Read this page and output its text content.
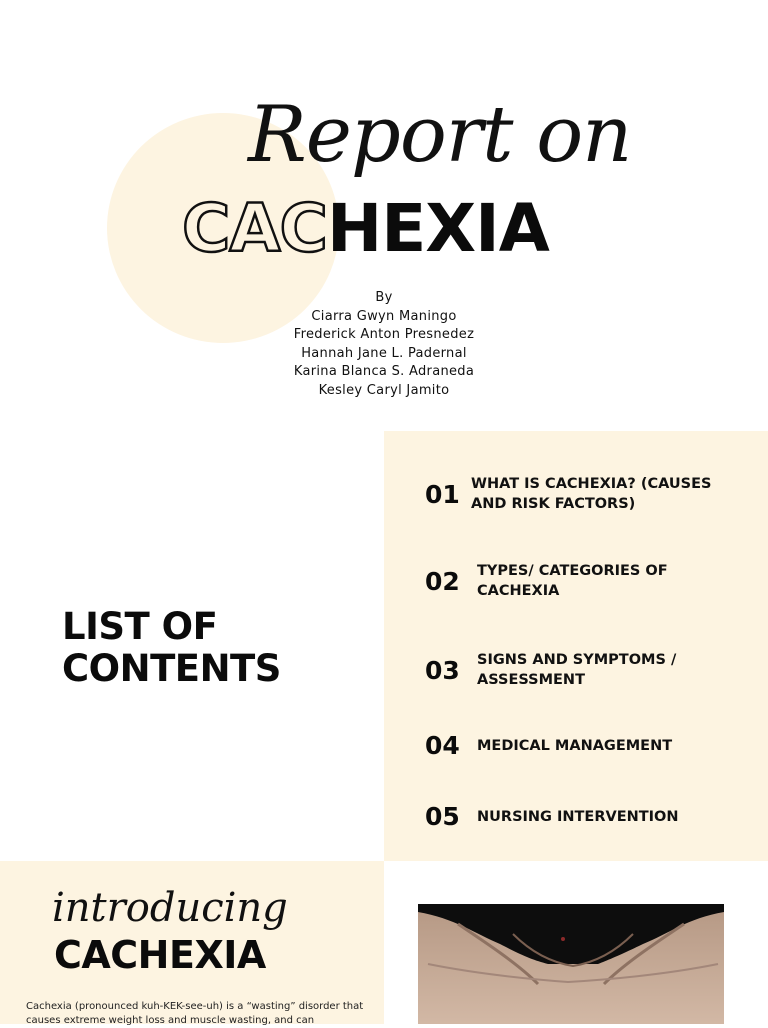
Report on
CACHEXIA
By
Ciarra Gwyn Maningo
Frederick Anton Presnedez
Hannah Jane L. Padernal
Karina Blanca S. Adraneda
Kesley Caryl Jamito
LIST OF
CONTENTS
01 WHAT IS CACHEXIA? (CAUSES AND RISK FACTORS)
02	TYPES/ CATEGORIES OF CACHEXIA
03	SIGNS AND SYMPTOMS / ASSESSMENT
04	MEDICAL MANAGEMENT
05	NURSING INTERVENTION
introducing
CACHEXIA
Cachexia (pronounced kuh-KEK-see-uh) is a “wasting” disorder that causes extreme weight loss and muscle wasting, and can
